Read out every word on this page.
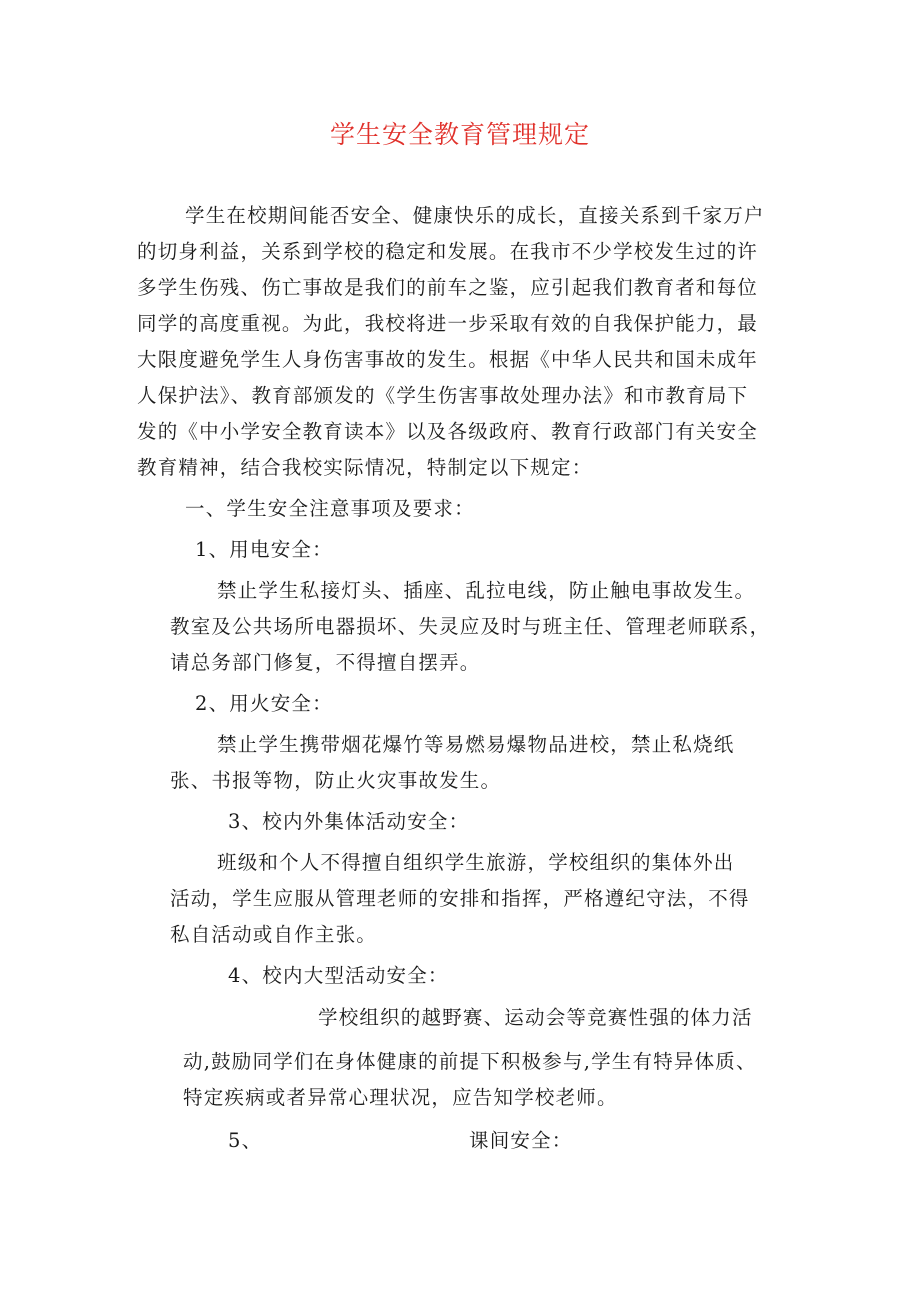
学生安全教育管理规定
学生在校期间能否安全、健康快乐的成长，直接关系到千家万户
的切身利益，关系到学校的稳定和发展。在我市不少学校发生过的许
多学生伤残、伤亡事故是我们的前车之鉴，应引起我们教育者和每位
同学的高度重视。为此，我校将进一步采取有效的自我保护能力，最
大限度避免学生人身伤害事故的发生。根据《中华人民共和国未成年
人保护法》、教育部颁发的《学生伤害事故处理办法》和市教育局下
发的《中小学安全教育读本》以及各级政府、教育行政部门有关安全
教育精神，结合我校实际情况，特制定以下规定：
一、学生安全注意事项及要求：
1、用电安全：
禁止学生私接灯头、插座、乱拉电线，防止触电事故发生。
教室及公共场所电器损坏、失灵应及时与班主任、管理老师联系，
请总务部门修复，不得擅自摆弄。
2、用火安全：
禁止学生携带烟花爆竹等易燃易爆物品进校，禁止私烧纸
张、书报等物，防止火灾事故发生。
3、校内外集体活动安全：
班级和个人不得擅自组织学生旅游，学校组织的集体外出
活动，学生应服从管理老师的安排和指挥，严格遵纪守法，不得
私自活动或自作主张。
4、校内大型活动安全：
学校组织的越野赛、运动会等竞赛性强的体力活
动,鼓励同学们在身体健康的前提下积极参与,学生有特异体质、
特定疾病或者异常心理状况，应告知学校老师。
5、	课间安全：
